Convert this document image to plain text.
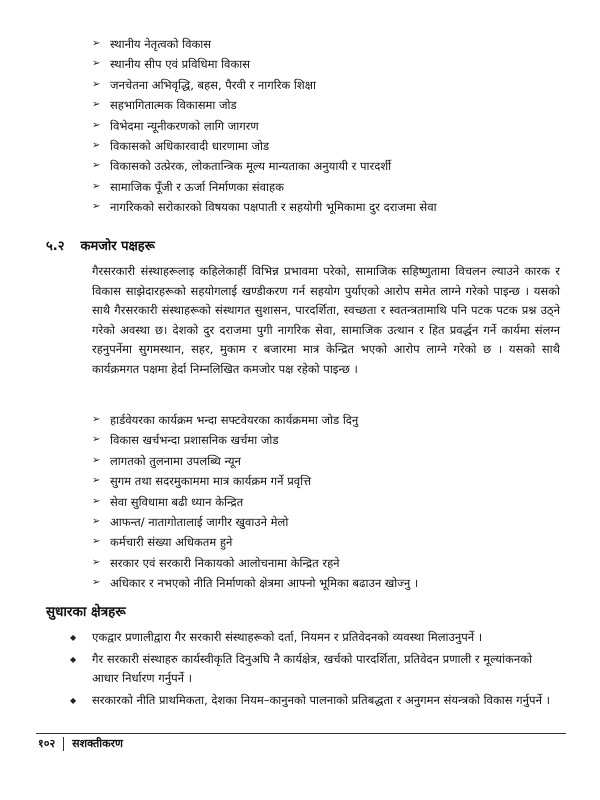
➢ स्थानीय नेतृत्वको विकास
➢ स्थानीय सीप एवं प्रविधिमा विकास
➢ जनचेतना अभिवृद्धि, बहस, पैरवी र नागरिक शिक्षा
➢ सहभागितात्मक विकासमा जोड
➢ विभेदमा न्यूनीकरणको लागि जागरण
➢ विकासको अधिकारवादी धारणामा जोड
➢ विकासको उत्प्रेरक, लोकतान्त्रिक मूल्य मान्यताका अनुयायी र पारदर्शी
➢ सामाजिक पूँजी र ऊर्जा निर्माणका संवाहक
➢ नागरिकको सरोकारको विषयका पक्षपाती र सहयोगी भूमिकामा दुर दराजमा सेवा
५.२ कमजोर पक्षहरू

गैरसरकारी संस्थाहरूलाइ कहिलेकाहीं विभिन्न प्रभावमा परेको, सामाजिक सहिष्णुतामा विचलन ल्याउने कारक र विकास साझेदारहरूको सहयोगलाई खण्डीकरण गर्न सहयोग पुर्याएको आरोप समेत लाग्ने गरेको पाइन्छ । यसको साथै गैरसरकारी संस्थाहरूको संस्थागत सुशासन, पारदर्शिता, स्वच्छता र स्वतन्त्रतामाथि पनि पटक पटक प्रश्न उठ्ने गरेको अवस्था छ। देशको दुर दराजमा पुगी नागरिक सेवा, सामाजिक उत्थान र हित प्रवर्द्धन गर्ने कार्यमा संलग्न रहनुपर्नेमा सुगमस्थान, सहर, मुकाम र बजारमा मात्र केन्द्रित भएको आरोप लाग्ने गरेको छ । यसको साथै कार्यक्रमगत पक्षमा हेर्दा निम्नलिखित कमजोर पक्ष रहेको पाइन्छ ।

➢ हार्डवेयरका कार्यक्रम भन्दा सफ्टवेयरका कार्यक्रममा जोड दिनु
➢ विकास खर्चभन्दा प्रशासनिक खर्चमा जोड
➢ लागतको तुलनामा उपलब्धि न्यून
➢ सुगम तथा सदरमुकाममा मात्र कार्यक्रम गर्ने प्रवृत्ति
➢ सेवा सुविधामा बढी ध्यान केन्द्रित
➢ आफन्त/ नातागोतालाई जागीर खुवाउने मेलो
➢ कर्मचारी संख्या अधिकतम हुने
➢ सरकार एवं सरकारी निकायको आलोचनामा केन्द्रित रहने
➢ अधिकार र नभएको नीति निर्माणको क्षेत्रमा आफ्नो भूमिका बढाउन खोज्नु ।
सुधारका क्षेत्रहरू
◆	एकद्वार प्रणालीद्वारा गैर सरकारी संस्थाहरूको दर्ता, नियमन र प्रतिवेदनको व्यवस्था मिलाउनुपर्ने ।
◆	गैर सरकारी संस्थाहरु कार्यस्वीकृति दिनुअघि नै कार्यक्षेत्र, खर्चको पारदर्शिता, प्रतिवेदन प्रणाली र मूल्यांकनको आधार निर्धारण गर्नुपर्ने ।
◆	सरकारको नीति प्राथमिकता, देशका नियम–कानुनको पालनाको प्रतिबद्धता र अनुगमन संयन्त्रको विकास गर्नुपर्ने ।
१०२ सशक्तीकरण
